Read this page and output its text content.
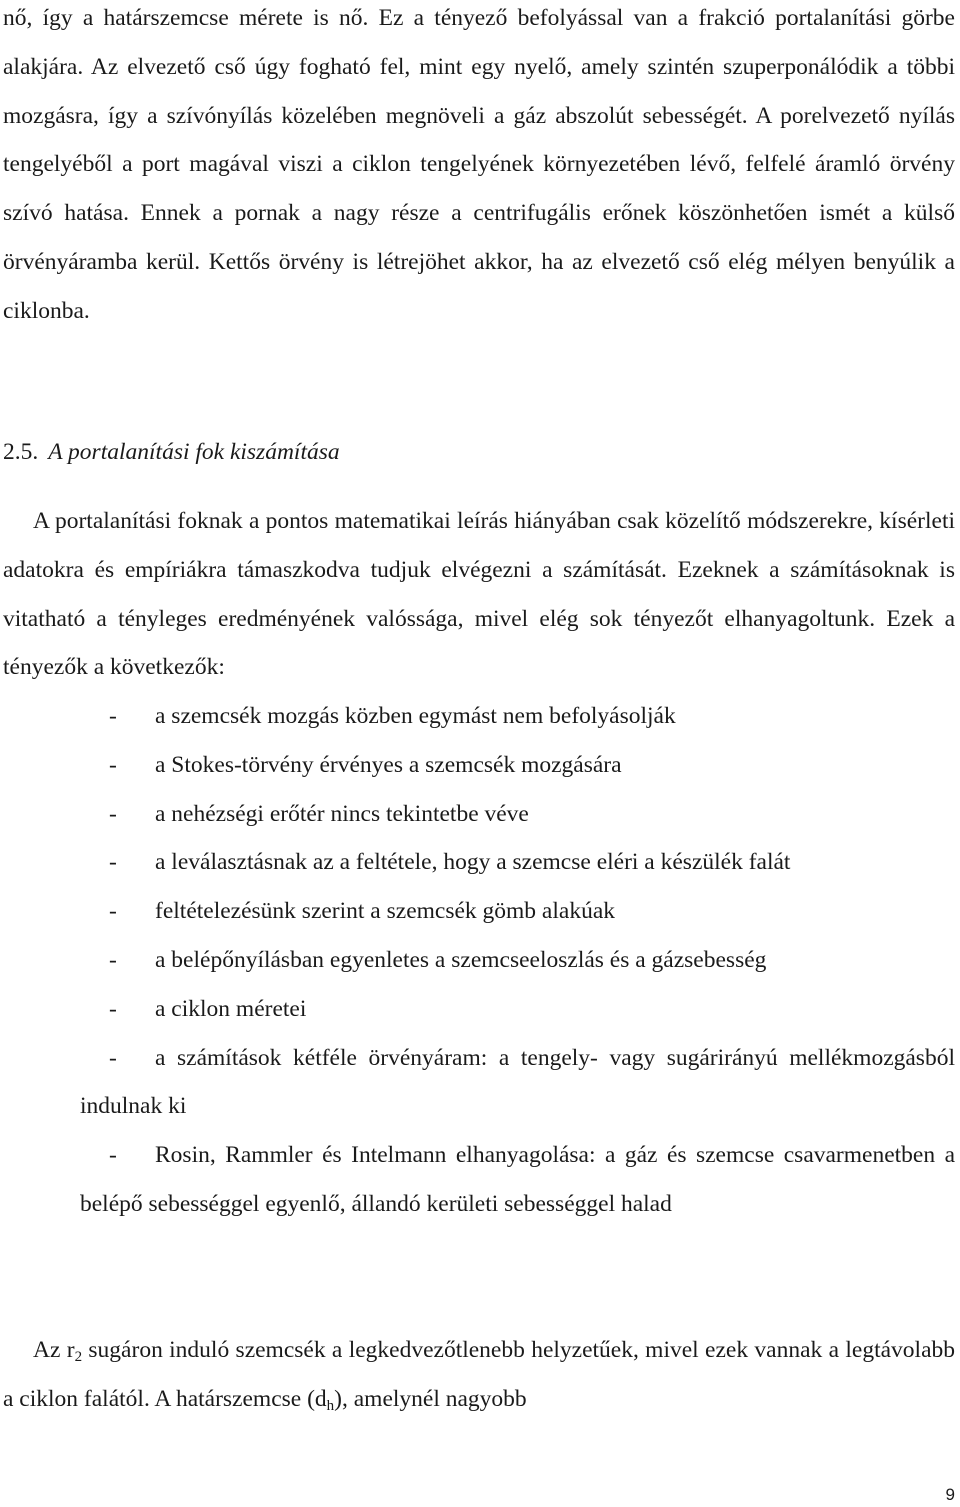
nő, így a határszemcse mérete is nő. Ez a tényező befolyással van a frakció portalanítási görbe alakjára. Az elvezető cső úgy fogható fel, mint egy nyelő, amely szintén szuperponálódik a többi mozgásra, így a szívónyílás közelében megnöveli a gáz abszolút sebességét. A porelvezető nyílás tengelyéből a port magával viszi a ciklon tengelyének környezetében lévő, felfelé áramló örvény szívó hatása. Ennek a pornak a nagy része a centrifugális erőnek köszönhetően ismét a külső örvényáramba kerül. Kettős örvény is létrejöhet akkor, ha az elvezető cső elég mélyen benyúlik a ciklonba.

2.5. A portalanítási fok kiszámítása

A portalanítási foknak a pontos matematikai leírás hiányában csak közelítő módszerekre, kísérleti adatokra és empíriákra támaszkodva tudjuk elvégezni a számítását. Ezeknek a számításoknak is vitatható a tényleges eredményének valóssága, mivel elég sok tényezőt elhanyagoltunk. Ezek a tényezők a következők:

-	a szemcsék mozgás közben egymást nem befolyásolják
-	a Stokes-törvény érvényes a szemcsék mozgására
-	a nehézségi erőtér nincs tekintetbe véve
-	a leválasztásnak az a feltétele, hogy a szemcse eléri a készülék falát
-	feltételezésünk szerint a szemcsék gömb alakúak
-	a belépőnyílásban egyenletes a szemcseeloszlás és a gázsebesség
-	a ciklon méretei
-	a számítások kétféle örvényáram: a tengely- vagy sugárirányú mellékmozgásból indulnak ki
-	Rosin, Rammler és Intelmann elhanyagolása: a gáz és szemcse csavarmenetben a belépő sebességgel egyenlő, állandó kerületi sebességgel halad

Az $r_2$ sugáron induló szemcsék a legkedvezőtlenebb helyzetűek, mivel ezek vannak a legtávolabb a ciklon falától. A határszemcse $(d_h)$, amelynél nagyobb

9
